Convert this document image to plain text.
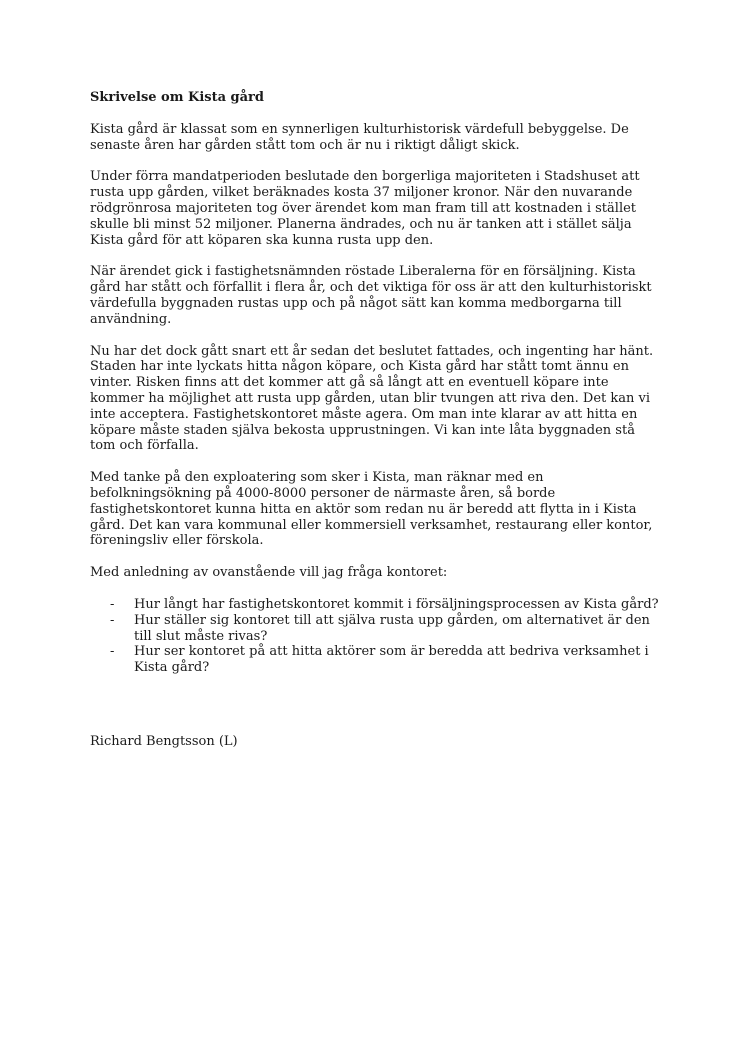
Skrivelse om Kista gård

Kista gård är klassat som en synnerligen kulturhistorisk värdefull bebyggelse. De senaste åren har gården stått tom och är nu i riktigt dåligt skick.

Under förra mandatperioden beslutade den borgerliga majoriteten i Stadshuset att rusta upp gården, vilket beräknades kosta 37 miljoner kronor. När den nuvarande rödgrönrosa majoriteten tog över ärendet kom man fram till att kostnaden i stället skulle bli minst 52 miljoner. Planerna ändrades, och nu är tanken att i stället sälja Kista gård för att köparen ska kunna rusta upp den.

När ärendet gick i fastighetsnämnden röstade Liberalerna för en försäljning. Kista gård har stått och förfallit i flera år, och det viktiga för oss är att den kulturhistoriskt värdefulla byggnaden rustas upp och på något sätt kan komma medborgarna till användning.

Nu har det dock gått snart ett år sedan det beslutet fattades, och ingenting har hänt. Staden har inte lyckats hitta någon köpare, och Kista gård har stått tomt ännu en vinter. Risken finns att det kommer att gå så långt att en eventuell köpare inte kommer ha möjlighet att rusta upp gården, utan blir tvungen att riva den. Det kan vi inte acceptera. Fastighetskontoret måste agera. Om man inte klarar av att hitta en köpare måste staden själva bekosta upprustningen. Vi kan inte låta byggnaden stå tom och förfalla.

Med tanke på den exploatering som sker i Kista, man räknar med en befolkningsökning på 4000-8000 personer de närmaste åren, så borde fastighetskontoret kunna hitta en aktör som redan nu är beredd att flytta in i Kista gård. Det kan vara kommunal eller kommersiell verksamhet, restaurang eller kontor, föreningsliv eller förskola.

Med anledning av ovanstående vill jag fråga kontoret:

- Hur långt har fastighetskontoret kommit i försäljningsprocessen av Kista gård?
- Hur ställer sig kontoret till att själva rusta upp gården, om alternativet är den till slut måste rivas?
- Hur ser kontoret på att hitta aktörer som är beredda att bedriva verksamhet i Kista gård?

Richard Bengtsson (L)
